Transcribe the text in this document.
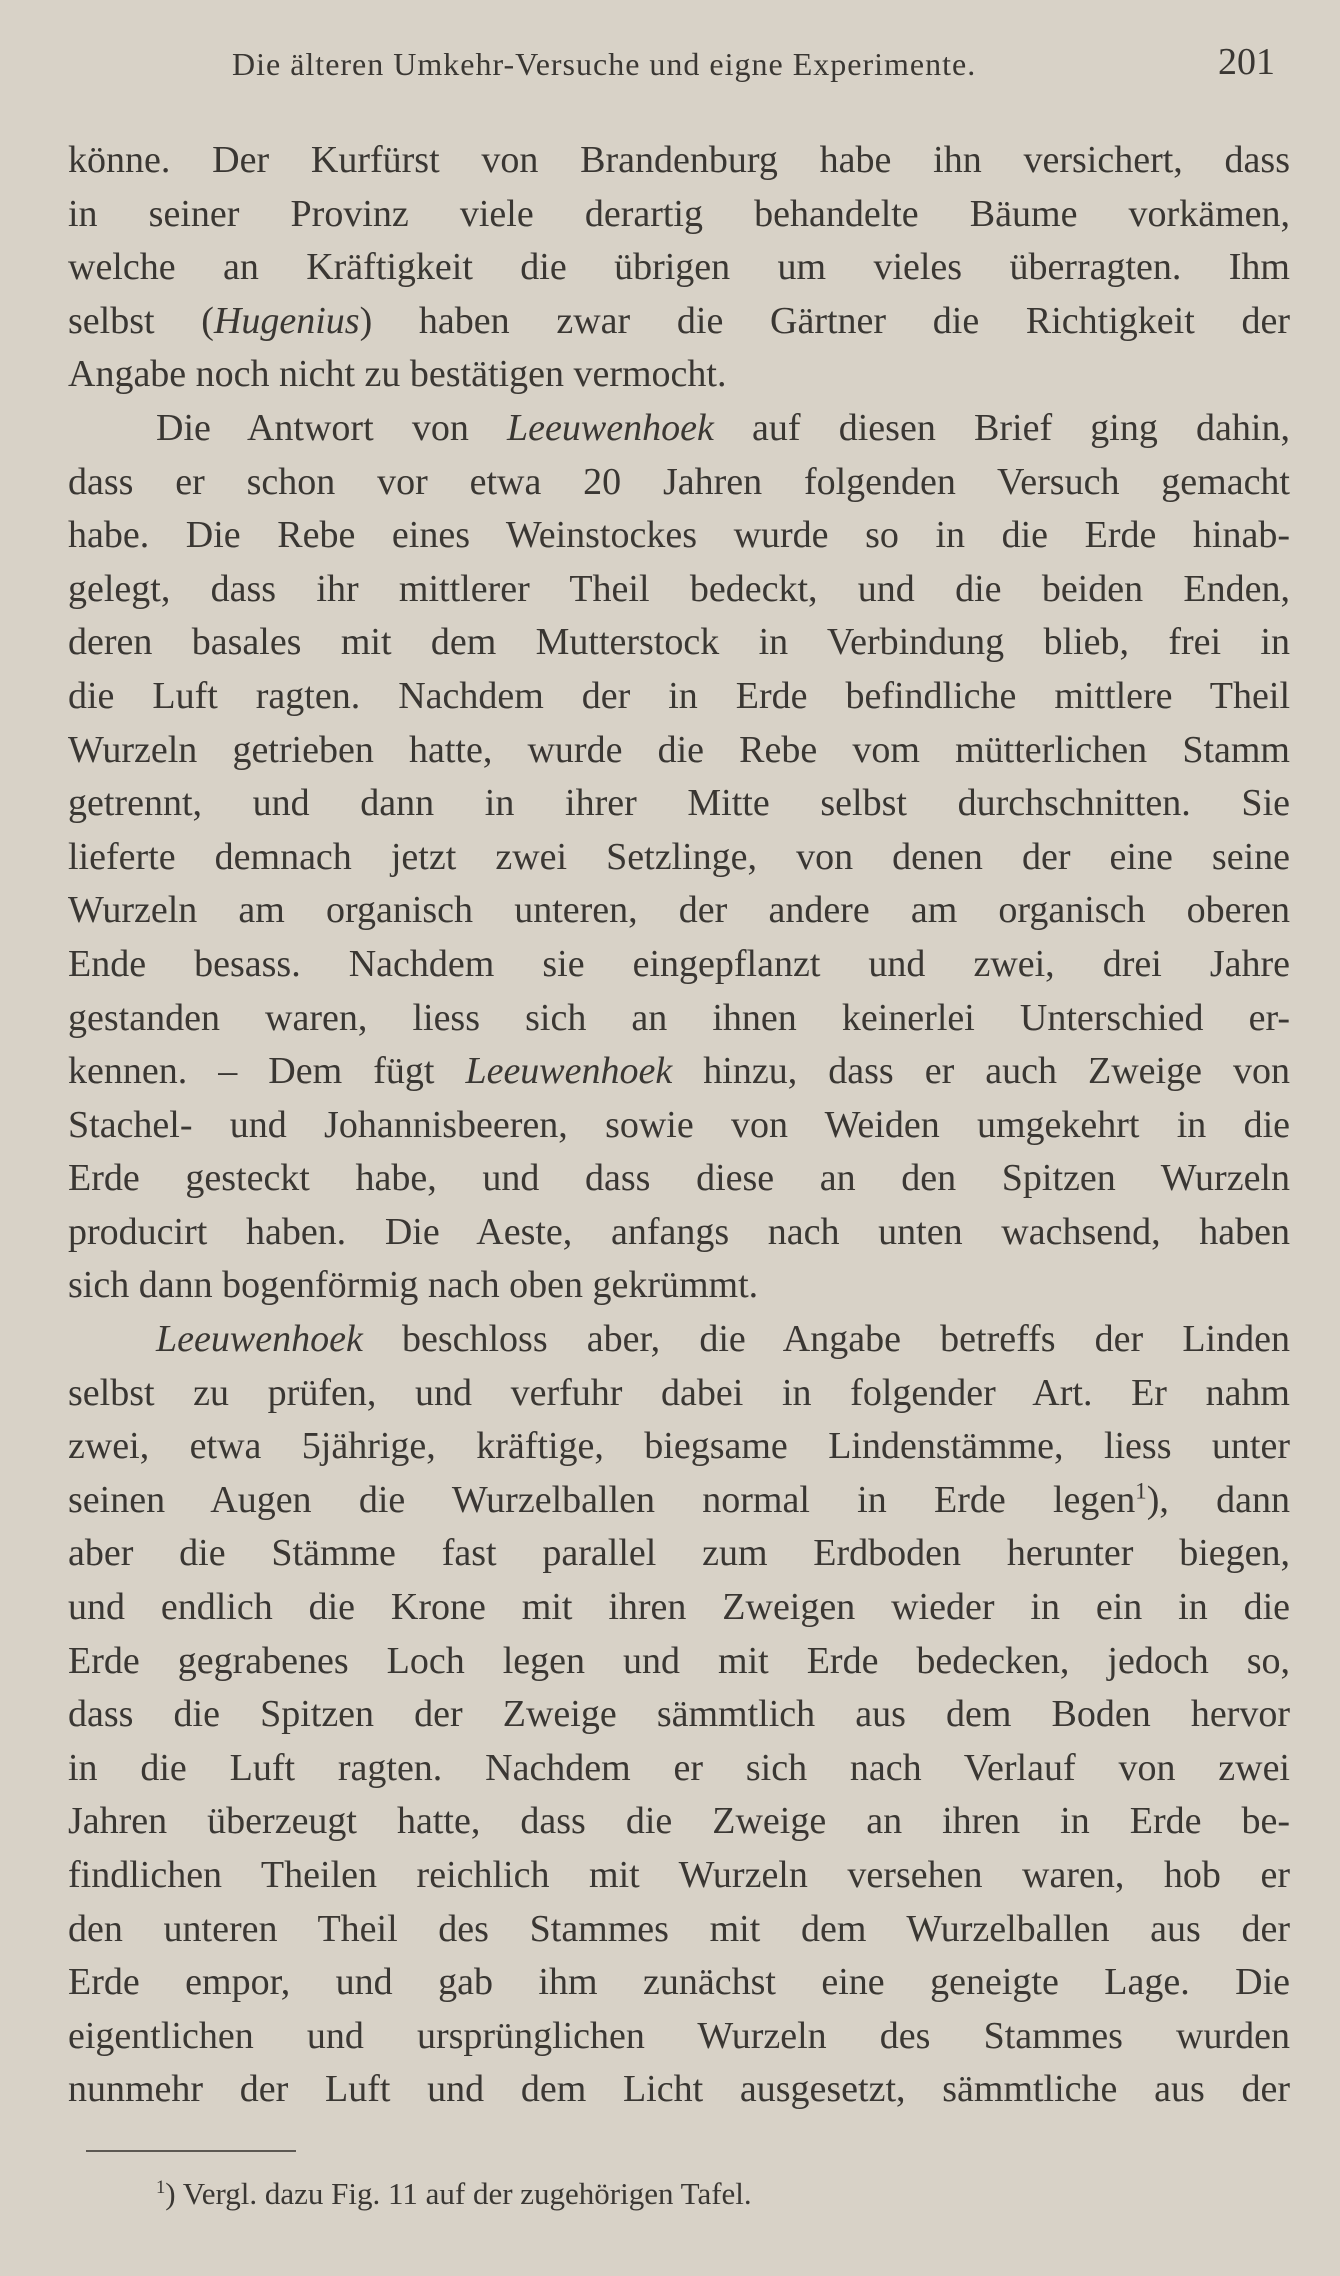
Die älteren Umkehr-Versuche und eigne Experimente.	201
könne. Der Kurfürst von Brandenburg habe ihn versichert, dass
in seiner Provinz viele derartig behandelte Bäume vorkämen,
welche an Kräftigkeit die übrigen um vieles überragten. Ihm
selbst (Hugenius) haben zwar die Gärtner die Richtigkeit der
Angabe noch nicht zu bestätigen vermocht.
Die Antwort von Leeuwenhoek auf diesen Brief ging dahin,
dass er schon vor etwa 20 Jahren folgenden Versuch gemacht
habe. Die Rebe eines Weinstockes wurde so in die Erde hinab-
gelegt, dass ihr mittlerer Theil bedeckt, und die beiden Enden,
deren basales mit dem Mutterstock in Verbindung blieb, frei in
die Luft ragten. Nachdem der in Erde befindliche mittlere Theil
Wurzeln getrieben hatte, wurde die Rebe vom mütterlichen Stamm
getrennt, und dann in ihrer Mitte selbst durchschnitten. Sie
lieferte demnach jetzt zwei Setzlinge, von denen der eine seine
Wurzeln am organisch unteren, der andere am organisch oberen
Ende besass. Nachdem sie eingepflanzt und zwei, drei Jahre
gestanden waren, liess sich an ihnen keinerlei Unterschied er-
kennen. – Dem fügt Leeuwenhoek hinzu, dass er auch Zweige von
Stachel- und Johannisbeeren, sowie von Weiden umgekehrt in die
Erde gesteckt habe, und dass diese an den Spitzen Wurzeln
producirt haben. Die Aeste, anfangs nach unten wachsend, haben
sich dann bogenförmig nach oben gekrümmt.
Leeuwenhoek beschloss aber, die Angabe betreffs der Linden
selbst zu prüfen, und verfuhr dabei in folgender Art. Er nahm
zwei, etwa 5jährige, kräftige, biegsame Lindenstämme, liess unter
seinen Augen die Wurzelballen normal in Erde legen$^1$), dann
aber die Stämme fast parallel zum Erdboden herunter biegen,
und endlich die Krone mit ihren Zweigen wieder in ein in die
Erde gegrabenes Loch legen und mit Erde bedecken, jedoch so,
dass die Spitzen der Zweige sämmtlich aus dem Boden hervor
in die Luft ragten. Nachdem er sich nach Verlauf von zwei
Jahren überzeugt hatte, dass die Zweige an ihren in Erde be-
findlichen Theilen reichlich mit Wurzeln versehen waren, hob er
den unteren Theil des Stammes mit dem Wurzelballen aus der
Erde empor, und gab ihm zunächst eine geneigte Lage. Die
eigentlichen und ursprünglichen Wurzeln des Stammes wurden
nunmehr der Luft und dem Licht ausgesetzt, sämmtliche aus der
$^1$) Vergl. dazu Fig. 11 auf der zugehörigen Tafel.
